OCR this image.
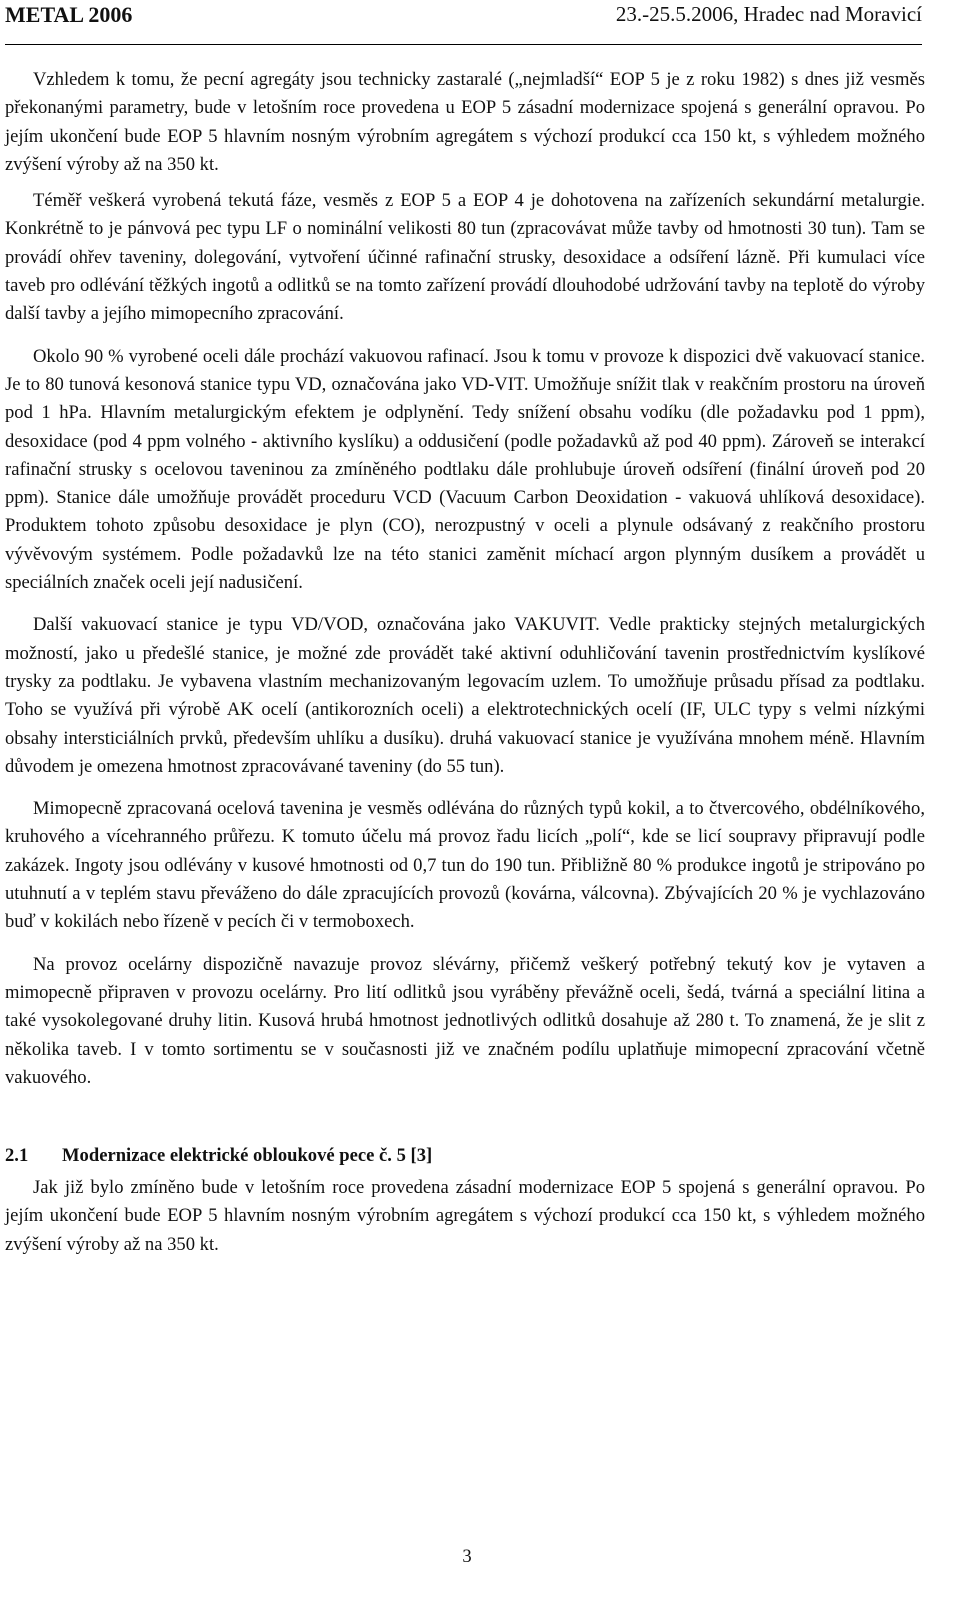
METAL 2006	23.-25.5.2006, Hradec nad Moravicí

Vzhledem k tomu, že pecní agregáty jsou technicky zastaralé („nejmladší“ EOP 5 je z roku 1982) s dnes již vesměs překonanými parametry, bude v letošním roce provedena u EOP 5 zásadní modernizace spojená s generální opravou. Po jejím ukončení bude EOP 5 hlavním nosným výrobním agregátem s výchozí produkcí cca 150 kt, s výhledem možného zvýšení výroby až na 350 kt.

Téměř veškerá vyrobená tekutá fáze, vesměs z EOP 5 a EOP 4 je dohotovena na zařízeních sekundární metalurgie. Konkrétně to je pánvová pec typu LF o nominální velikosti 80 tun (zpracovávat může tavby od hmotnosti 30 tun). Tam se provádí ohřev taveniny, dolegování, vytvoření účinné rafinační strusky, desoxidace a odsíření lázně. Při kumulaci více taveb pro odlévání těžkých ingotů a odlitků se na tomto zařízení provádí dlouhodobé udržování tavby na teplotě do výroby další tavby a jejího mimopecního zpracování.

Okolo 90 % vyrobené oceli dále prochází vakuovou rafinací. Jsou k tomu v provoze k dispozici dvě vakuovací stanice. Je to 80 tunová kesonová stanice typu VD, označována jako VD-VIT. Umožňuje snížit tlak v reakčním prostoru na úroveň pod 1 hPa. Hlavním metalurgickým efektem je odplynění. Tedy snížení obsahu vodíku (dle požadavku pod 1 ppm), desoxidace (pod 4 ppm volného - aktivního kyslíku) a oddusičení (podle požadavků až pod 40 ppm). Zároveň se interakcí rafinační strusky s ocelovou taveninou za zmíněného podtlaku dále prohlubuje úroveň odsíření (finální úroveň pod 20 ppm). Stanice dále umožňuje provádět proceduru VCD (Vacuum Carbon Deoxidation - vakuová uhlíková desoxidace). Produktem tohoto způsobu desoxidace je plyn (CO), nerozpustný v oceli a plynule odsávaný z reakčního prostoru vývěvovým systémem. Podle požadavků lze na této stanici zaměnit míchací argon plynným dusíkem a provádět u speciálních značek oceli její nadusičení.

Další vakuovací stanice je typu VD/VOD, označována jako VAKUVIT. Vedle prakticky stejných metalurgických možností, jako u předešlé stanice, je možné zde provádět také aktivní oduhličování tavenin prostřednictvím kyslíkové trysky za podtlaku. Je vybavena vlastním mechanizovaným legovacím uzlem. To umožňuje průsadu přísad za podtlaku. Toho se využívá při výrobě AK ocelí (antikorozních oceli) a elektrotechnických ocelí (IF, ULC typy s velmi nízkými obsahy intersticiálních prvků, především uhlíku a dusíku). druhá vakuovací stanice je využívána mnohem méně. Hlavním důvodem je omezena hmotnost zpracovávané taveniny (do 55 tun).

Mimopecně zpracovaná ocelová tavenina je vesměs odlévána do různých typů kokil, a to čtvercového, obdélníkového, kruhového a vícehranného průřezu. K tomuto účelu má provoz řadu licích „polí“, kde se licí soupravy připravují podle zakázek. Ingoty jsou odlévány v kusové hmotnosti od 0,7 tun do 190 tun. Přibližně 80 % produkce ingotů je stripováno po utuhnutí a v teplém stavu převáženo do dále zpracujících provozů (kovárna, válcovna). Zbývajících 20 % je vychlazováno buď v kokilách nebo řízeně v pecích či v termoboxech.

Na provoz ocelárny dispozičně navazuje provoz slévárny, přičemž veškerý potřebný tekutý kov je vytaven a mimopecně připraven v provozu ocelárny. Pro lití odlitků jsou vyráběny převážně oceli, šedá, tvárná a speciální litina a také vysokolegované druhy litin. Kusová hrubá hmotnost jednotlivých odlitků dosahuje až 280 t. To znamená, že je slit z několika taveb. I v tomto sortimentu se v současnosti již ve značném podílu uplatňuje mimopecní zpracování včetně vakuového.

2.1	Modernizace elektrické obloukové pece č. 5 [3]

Jak již bylo zmíněno bude v letošním roce provedena zásadní modernizace EOP 5 spojená s generální opravou. Po jejím ukončení bude EOP 5 hlavním nosným výrobním agregátem s výchozí produkcí cca 150 kt, s výhledem možného zvýšení výroby až na 350 kt.

3
